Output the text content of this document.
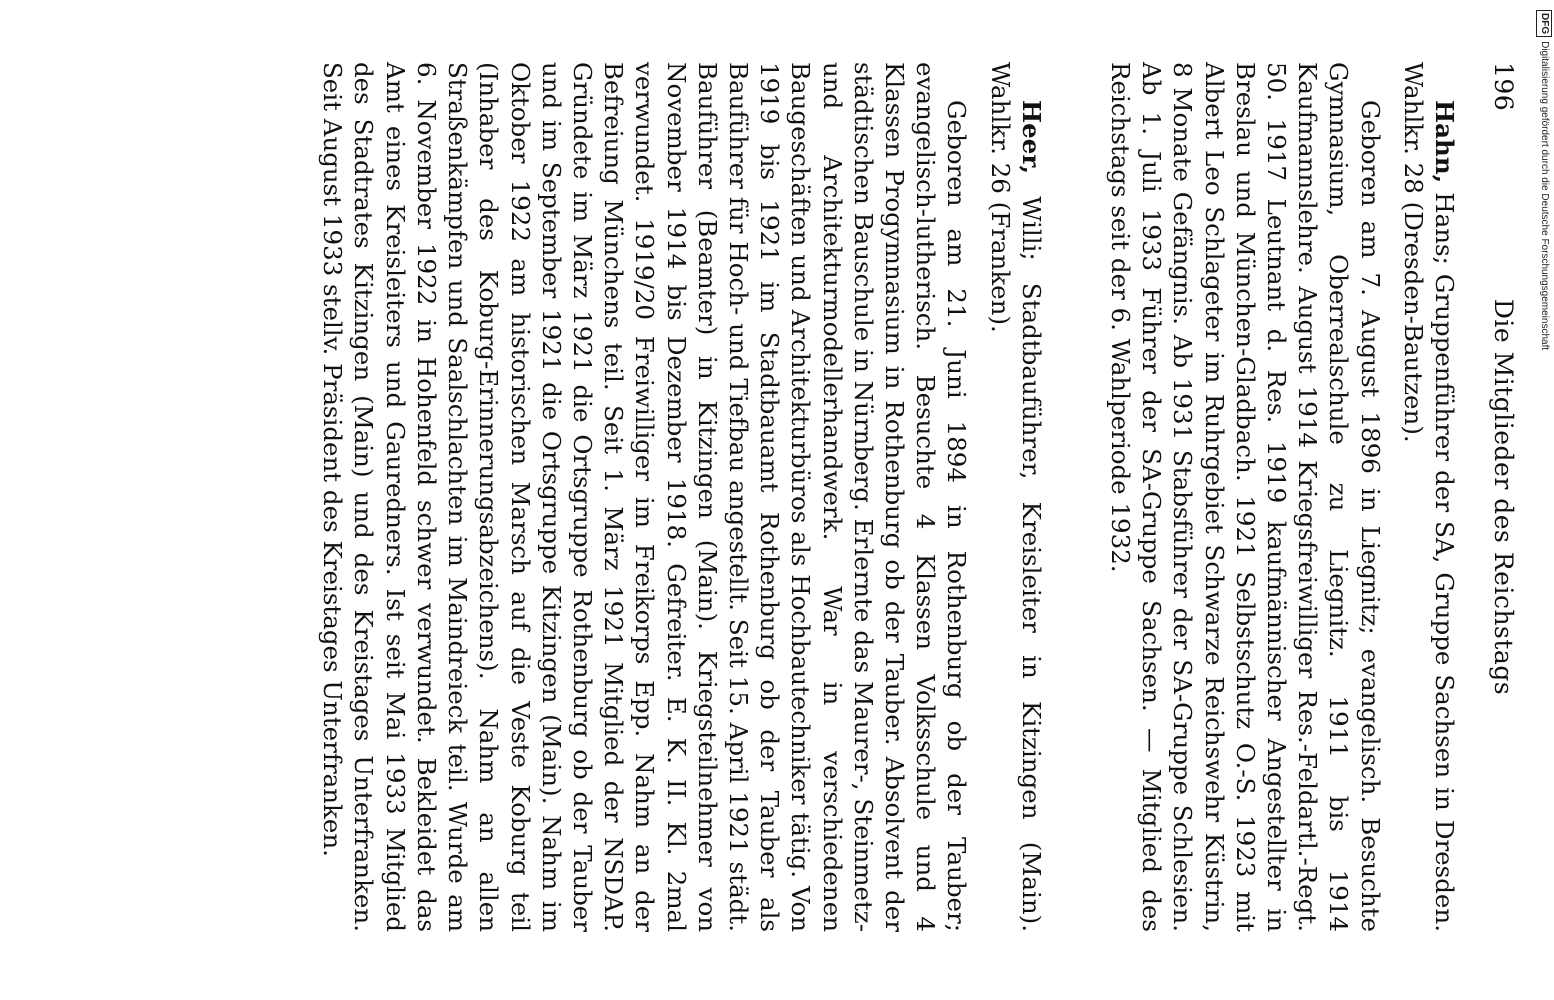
196
Die Mitglieder des Reichstags

Hahn, Hans; Gruppenführer der SA, Gruppe Sachsen in Dresden. Wahlkr. 28 (Dresden-Bautzen).

Geboren am 7. August 1896 in Liegnitz; evangelisch. Besuchte Gymnasium, Oberrealschule zu Liegnitz. 1911 bis 1914 Kaufmannslehre. August 1914 Kriegsfreiwilliger Res.-Feldartl.-Regt. 50. 1917 Leutnant d. Res. 1919 kaufmännischer Angestellter in Breslau und München-Gladbach. 1921 Selbstschutz O.-S. 1923 mit Albert Leo Schlageter im Ruhrgebiet Schwarze Reichswehr Küstrin, 8 Monate Gefängnis. Ab 1931 Stabsführer der SA-Gruppe Schlesien. Ab 1. Juli 1933 Führer der SA-Gruppe Sachsen. — Mitglied des Reichstags seit der 6. Wahlperiode 1932.

Heer, Willi; Stadtbauführer, Kreisleiter in Kitzingen (Main). Wahlkr. 26 (Franken).

Geboren am 21. Juni 1894 in Rothenburg ob der Tauber; evangelisch-lutherisch. Besuchte 4 Klassen Volksschule und 4 Klassen Progymnasium in Rothenburg ob der Tauber. Absolvent der städtischen Bauschule in Nürnberg. Erlernte das Maurer-, Steinmetz- und Architekturmodellerhandwerk. War in verschiedenen Baugeschäften und Architekturbüros als Hochbautechniker tätig. Von 1919 bis 1921 im Stadtbauamt Rothenburg ob der Tauber als Bauführer für Hoch- und Tiefbau angestellt. Seit 15. April 1921 städt. Bauführer (Beamter) in Kitzingen (Main). Kriegsteilnehmer von November 1914 bis Dezember 1918. Gefreiter. E. K. II. Kl. 2mal verwundet. 1919/20 Freiwilliger im Freikorps Epp. Nahm an der Befreiung Münchens teil. Seit 1. März 1921 Mitglied der NSDAP. Gründete im März 1921 die Ortsgruppe Rothenburg ob der Tauber und im September 1921 die Ortsgruppe Kitzingen (Main). Nahm im Oktober 1922 am historischen Marsch auf die Veste Koburg teil (Inhaber des Koburg-Erinnerungsabzeichens). Nahm an allen Straßenkämpfen und Saalschlachten im Maindreieck teil. Wurde am 6. November 1922 in Hohenfeld schwer verwundet. Bekleidet das Amt eines Kreisleiters und Gauredners. Ist seit Mai 1933 Mitglied des Stadtrates Kitzingen (Main) und des Kreistages Unterfranken. Seit August 1933 stellv. Präsident des Kreistages Unterfranken.

DFGDigitalisierung gefördert durch die Deutsche Forschungsgemeinschaft
